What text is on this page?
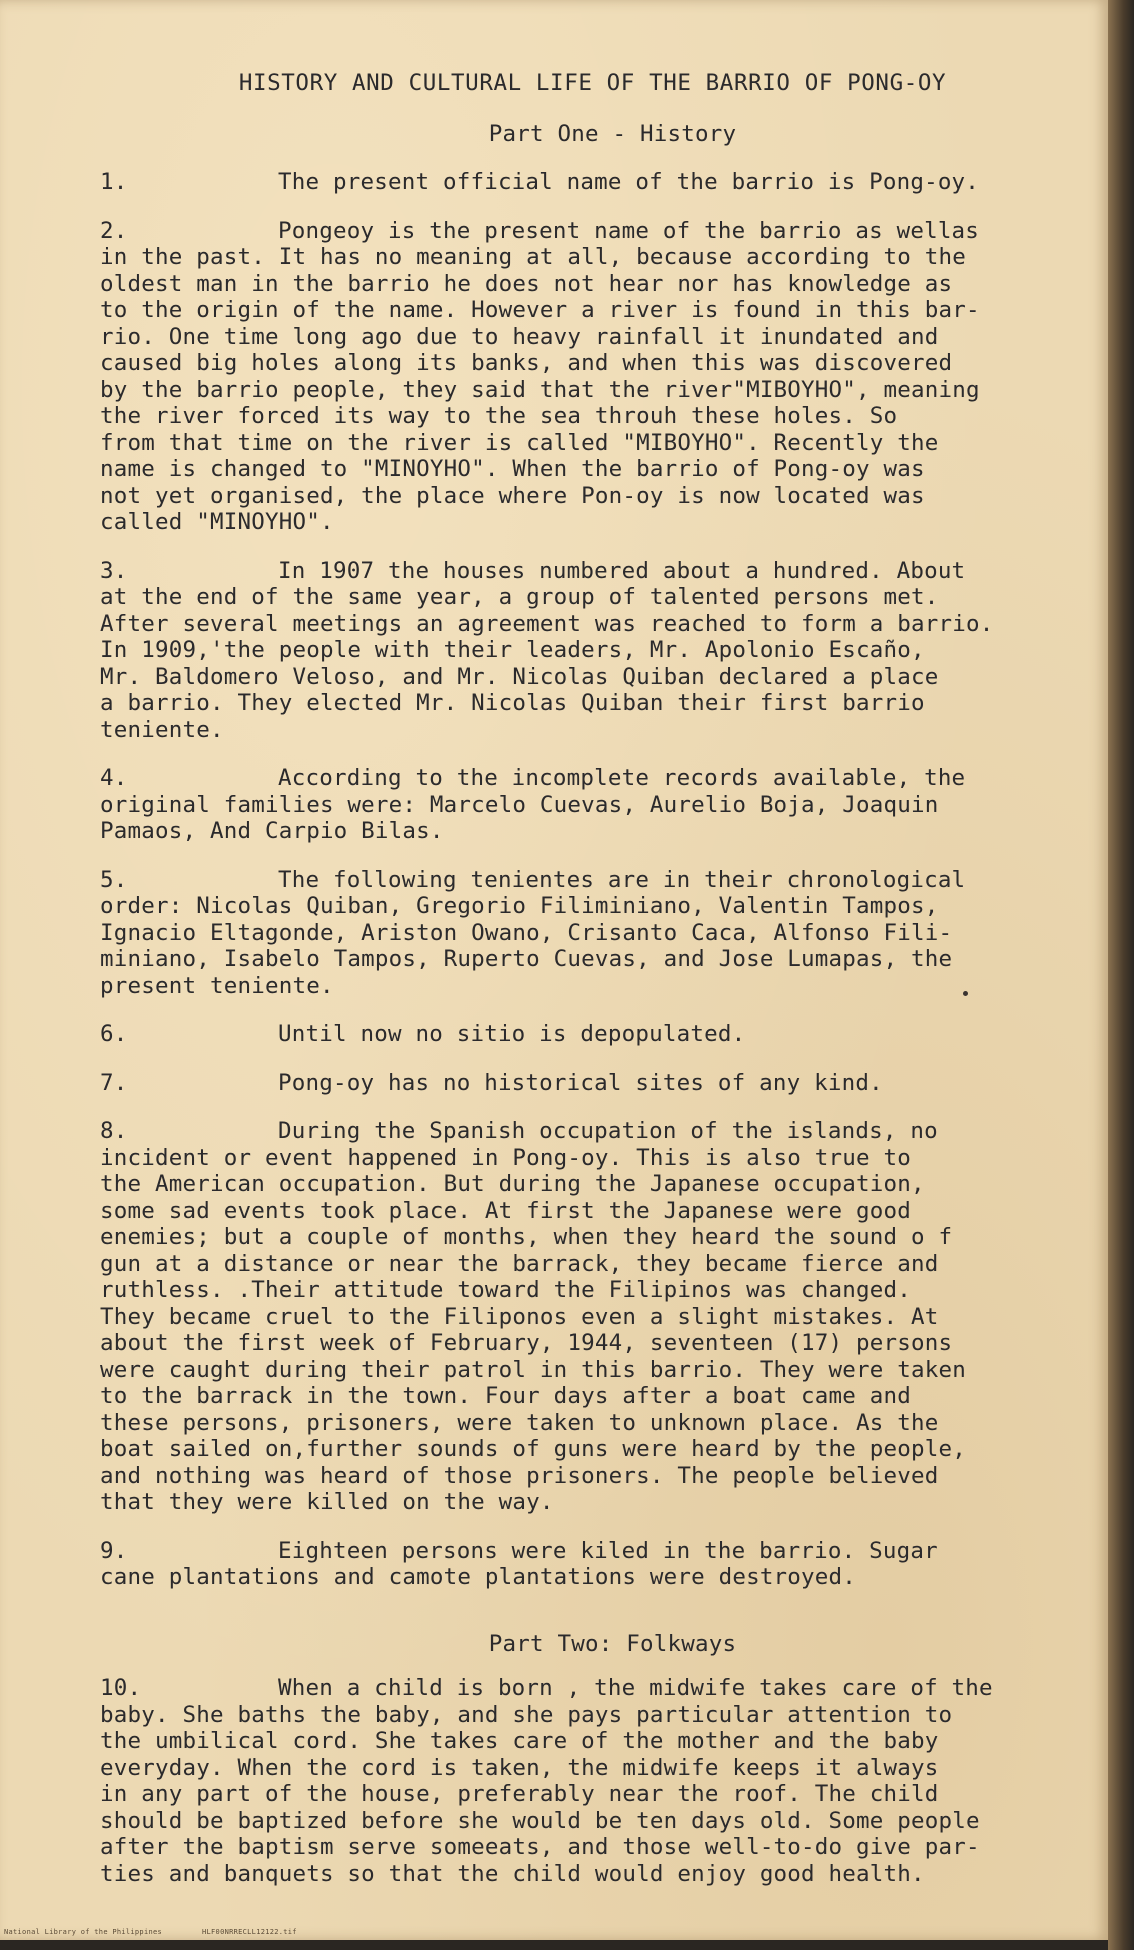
HISTORY AND CULTURAL LIFE OF THE BARRIO OF PONG-OY
Part One - History
1.	The present official name of the barrio is Pong-oy.
2.	Pongeoy is the present name of the barrio as wellas
in the past. It has no meaning at all, because according to the
oldest man in the barrio he does not hear nor has knowledge as
to the origin of the name. However a river is found in this bar-
rio. One time long ago due to heavy rainfall it inundated and
caused big holes along its banks, and when this was discovered
by the barrio people, they said that the river"MIBOYHO", meaning
the river forced its way to the sea throuh these holes. So
from that time on the river is called "MIBOYHO". Recently the
name is changed to "MINOYHO". When the barrio of Pong-oy was
not yet organised, the place where Pon-oy is now located was
called "MINOYHO".
3.	In 1907 the houses numbered about a hundred. About
at the end of the same year, a group of talented persons met.
After several meetings an agreement was reached to form a barrio.
In 1909,'the people with their leaders, Mr. Apolonio Escaño,
Mr. Baldomero Veloso, and Mr. Nicolas Quiban declared a place
a barrio. They elected Mr. Nicolas Quiban their first barrio
teniente.
4.	According to the incomplete records available, the
original families were: Marcelo Cuevas, Aurelio Boja, Joaquin
Pamaos, And Carpio Bilas.
5.	The following tenientes are in their chronological
order: Nicolas Quiban, Gregorio Filiminiano, Valentin Tampos,
Ignacio Eltagonde, Ariston Owano, Crisanto Caca, Alfonso Fili-
miniano, Isabelo Tampos, Ruperto Cuevas, and Jose Lumapas, the
present teniente.
6.	Until now no sitio is depopulated.
7.	Pong-oy has no historical sites of any kind.
8.	During the Spanish occupation of the islands, no
incident or event happened in Pong-oy. This is also true to
the American occupation. But during the Japanese occupation,
some sad events took place. At first the Japanese were good
enemies; but a couple of months, when they heard the sound o f
gun at a distance or near the barrack, they became fierce and
ruthless. .Their attitude toward the Filipinos was changed.
They became cruel to the Filiponos even a slight mistakes. At
about the first week of February, 1944, seventeen (17) persons
were caught during their patrol in this barrio. They were taken
to the barrack in the town. Four days after a boat came and
these persons, prisoners, were taken to unknown place. As the
boat sailed on,further sounds of guns were heard by the people,
and nothing was heard of those prisoners. The people believed
that they were killed on the way.
9.	Eighteen persons were kiled in the barrio. Sugar
cane plantations and camote plantations were destroyed.
Part Two: Folkways
10.	When a child is born , the midwife takes care of the
baby. She baths the baby, and she pays particular attention to
the umbilical cord. She takes care of the mother and the baby
everyday. When the cord is taken, the midwife keeps it always
in any part of the house, preferably near the roof. The child
should be baptized before she would be ten days old. Some people
after the baptism serve someeats, and those well-to-do give par-
ties and banquets so that the child would enjoy good health.
National Library of the Philippines	HLF00NRRECLL12122.tif
